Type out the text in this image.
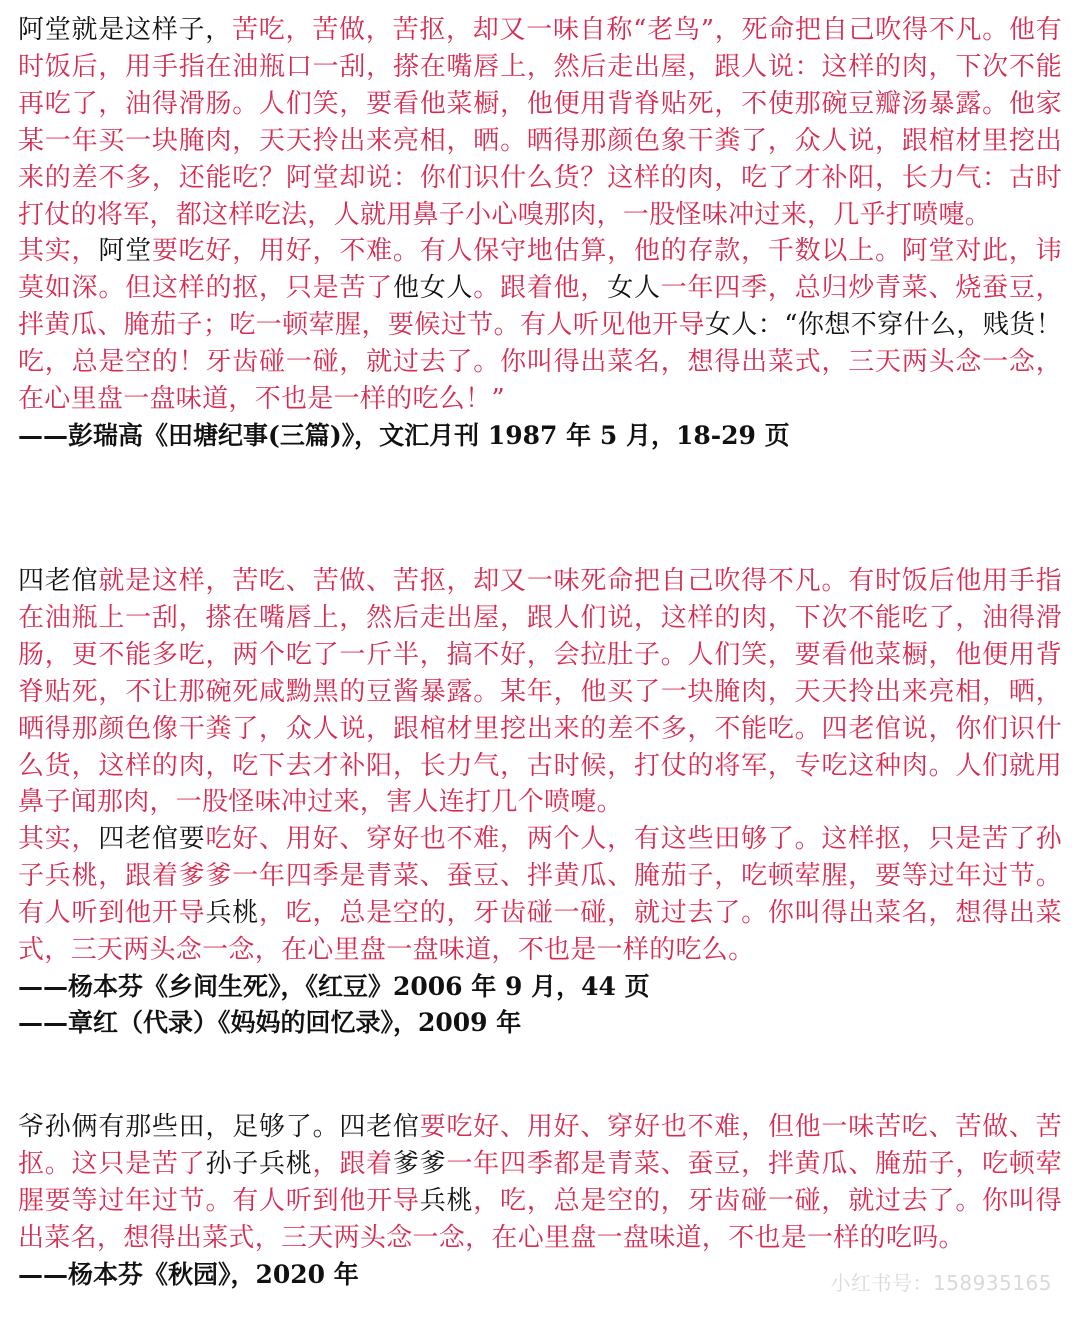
阿堂就是这样子，苦吃，苦做，苦抠，却又一味自称“老鸟”，死命把自己吹得不凡。他有时饭后，用手指在油瓶口一刮，搽在嘴唇上，然后走出屋，跟人说：这样的肉，下次不能再吃了，油得滑肠。人们笑，要看他菜橱，他便用背脊贴死，不使那碗豆瓣汤暴露。他家某一年买一块腌肉，天天拎出来亮相，晒。晒得那颜色象干粪了，众人说，跟棺材里挖出来的差不多，还能吃？阿堂却说：你们识什么货？这样的肉，吃了才补阳，长力气：古时打仗的将军，都这样吃法，人就用鼻子小心嗅那肉，一股怪味冲过来，几乎打喷嚏。
其实，阿堂要吃好，用好，不难。有人保守地估算，他的存款，千数以上。阿堂对此，讳莫如深。但这样的抠，只是苦了他女人。跟着他，女人一年四季，总归炒青菜、烧蚕豆，拌黄瓜、腌茄子；吃一顿荤腥，要候过节。有人听见他开导女人：“你想不穿什么，贱货！吃，总是空的！牙齿碰一碰，就过去了。你叫得出菜名，想得出菜式，三天两头念一念，在心里盘一盘味道，不也是一样的吃么！”

——彭瑞高《田塘纪事(三篇)》，文汇月刊 1987 年 5 月，18-29 页

四老倌就是这样，苦吃、苦做、苦抠，却又一味死命把自己吹得不凡。有时饭后他用手指在油瓶上一刮，搽在嘴唇上，然后走出屋，跟人们说，这样的肉，下次不能吃了，油得滑肠，更不能多吃，两个吃了一斤半，搞不好，会拉肚子。人们笑，要看他菜橱，他便用背脊贴死，不让那碗死咸黝黑的豆酱暴露。某年，他买了一块腌肉，天天拎出来亮相，晒，晒得那颜色像干粪了，众人说，跟棺材里挖出来的差不多，不能吃。四老倌说，你们识什么货，这样的肉，吃下去才补阳，长力气，古时候，打仗的将军，专吃这种肉。人们就用鼻子闻那肉，一股怪味冲过来，害人连打几个喷嚏。
其实，四老倌要吃好、用好、穿好也不难，两个人，有这些田够了。这样抠，只是苦了孙子兵桃，跟着爹爹一年四季是青菜、蚕豆、拌黄瓜、腌茄子，吃顿荤腥，要等过年过节。有人听到他开导兵桃，吃，总是空的，牙齿碰一碰，就过去了。你叫得出菜名，想得出菜式，三天两头念一念，在心里盘一盘味道，不也是一样的吃么。

——杨本芬《乡间生死》，《红豆》2006 年 9 月，44 页

——章红（代录）《妈妈的回忆录》，2009 年

爷孙俩有那些田，足够了。四老倌要吃好、用好、穿好也不难，但他一味苦吃、苦做、苦抠。这只是苦了孙子兵桃，跟着爹爹一年四季都是青菜、蚕豆，拌黄瓜、腌茄子，吃顿荤腥要等过年过节。有人听到他开导兵桃，吃，总是空的，牙齿碰一碰，就过去了。你叫得出菜名，想得出菜式，三天两头念一念，在心里盘一盘味道，不也是一样的吃吗。

——杨本芬《秋园》，2020 年	小红书号：158935165
